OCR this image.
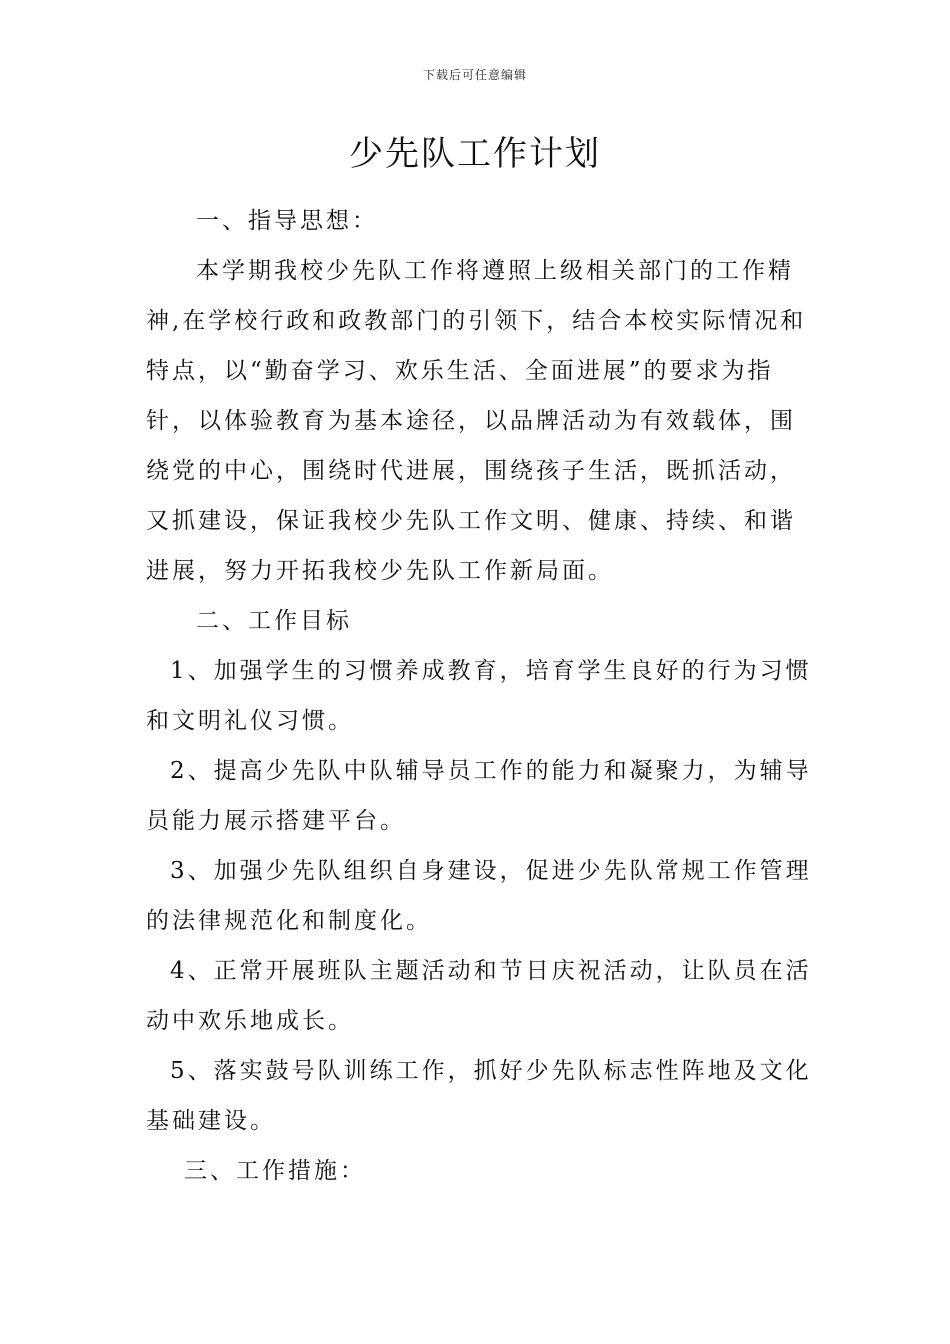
下载后可任意编辑
少先队工作计划
一、指导思想：
本学期我校少先队工作将遵照上级相关部门的工作精
神,在学校行政和政教部门的引领下，结合本校实际情况和
特点，以“勤奋学习、欢乐生活、全面进展”的要求为指
针，以体验教育为基本途径，以品牌活动为有效载体，围
绕党的中心，围绕时代进展，围绕孩子生活，既抓活动，
又抓建设，保证我校少先队工作文明、健康、持续、和谐
进展，努力开拓我校少先队工作新局面。
二、工作目标
1、加强学生的习惯养成教育，培育学生良好的行为习惯
和文明礼仪习惯。
2、提高少先队中队辅导员工作的能力和凝聚力，为辅导
员能力展示搭建平台。
3、加强少先队组织自身建设，促进少先队常规工作管理
的法律规范化和制度化。
4、正常开展班队主题活动和节日庆祝活动，让队员在活
动中欢乐地成长。
5、落实鼓号队训练工作，抓好少先队标志性阵地及文化
基础建设。
三、工作措施：
